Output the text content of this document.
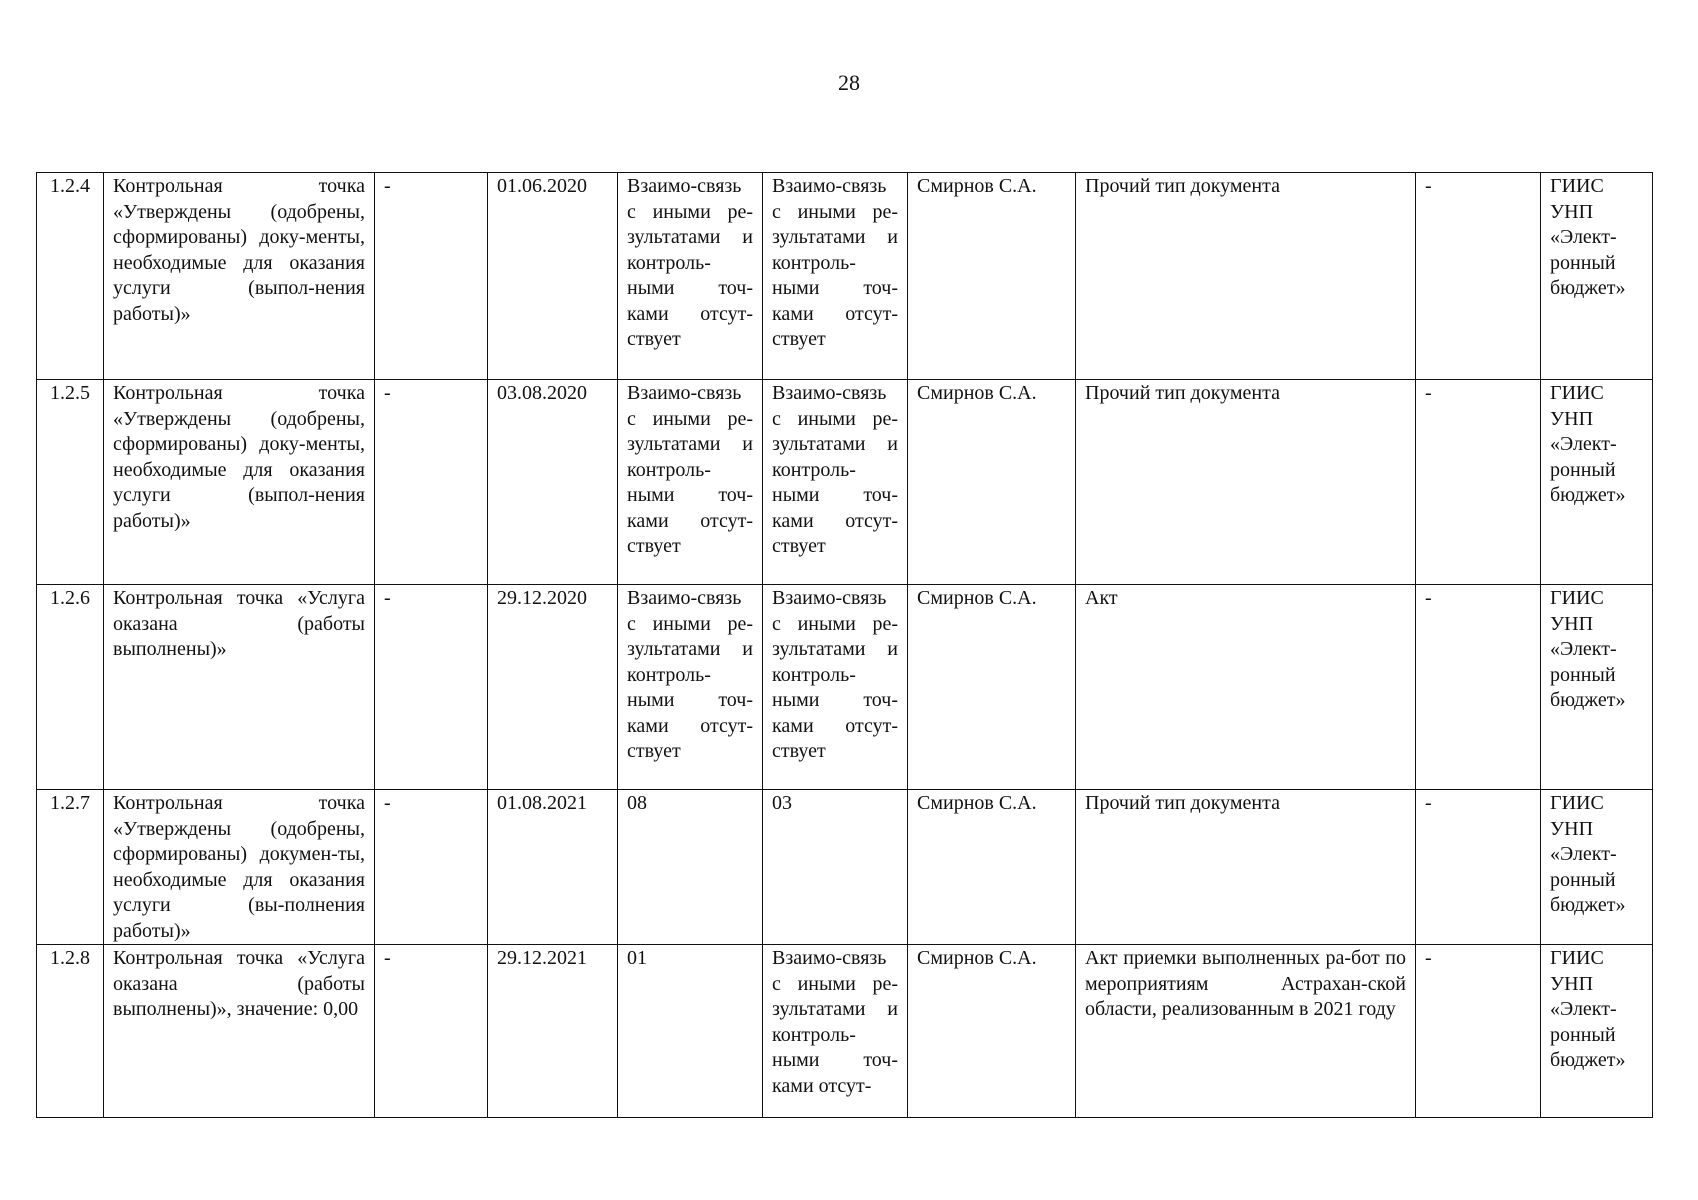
28
1.2.4	Контрольная точка «Утверждены (одобрены, сформированы) доку-менты, необходимые для оказания услуги (выпол-нения работы)»	-	01.06.2020	Взаимо-связь с иными ре-зультатами и контроль-ными точ-ками отсут-ствует	Взаимо-связь с иными ре-зультатами и контроль-ными точ-ками отсут-ствует	Смирнов С.А.	Прочий тип документа	-	ГИИС УНП «Элект-ронный бюджет»
1.2.5	Контрольная точка «Утверждены (одобрены, сформированы) доку-менты, необходимые для оказания услуги (выпол-нения работы)»	-	03.08.2020	Взаимо-связь с иными ре-зультатами и контроль-ными точ-ками отсут-ствует	Взаимо-связь с иными ре-зультатами и контроль-ными точ-ками отсут-ствует	Смирнов С.А.	Прочий тип документа	-	ГИИС УНП «Элект-ронный бюджет»
1.2.6	Контрольная точка «Услуга оказана (работы выполнены)»	-	29.12.2020	Взаимо-связь с иными ре-зультатами и контроль-ными точ-ками отсут-ствует	Взаимо-связь с иными ре-зультатами и контроль-ными точ-ками отсут-ствует	Смирнов С.А.	Акт	-	ГИИС УНП «Элект-ронный бюджет»
1.2.7	Контрольная точка «Утверждены (одобрены, сформированы) докумен-ты, необходимые для оказания услуги (вы-полнения работы)»	-	01.08.2021	08	03	Смирнов С.А.	Прочий тип документа	-	ГИИС УНП «Элект-ронный бюджет»
1.2.8	Контрольная точка «Услуга оказана (работы выполнены)», значение: 0,00	-	29.12.2021	01	Взаимо-связь с иными ре-зультатами и контроль-ными точ-ками отсут-	Смирнов С.А.	Акт приемки выполненных ра-бот по мероприятиям Астрахан-ской области, реализованным в 2021 году	-	ГИИС УНП «Элект-ронный бюджет»
